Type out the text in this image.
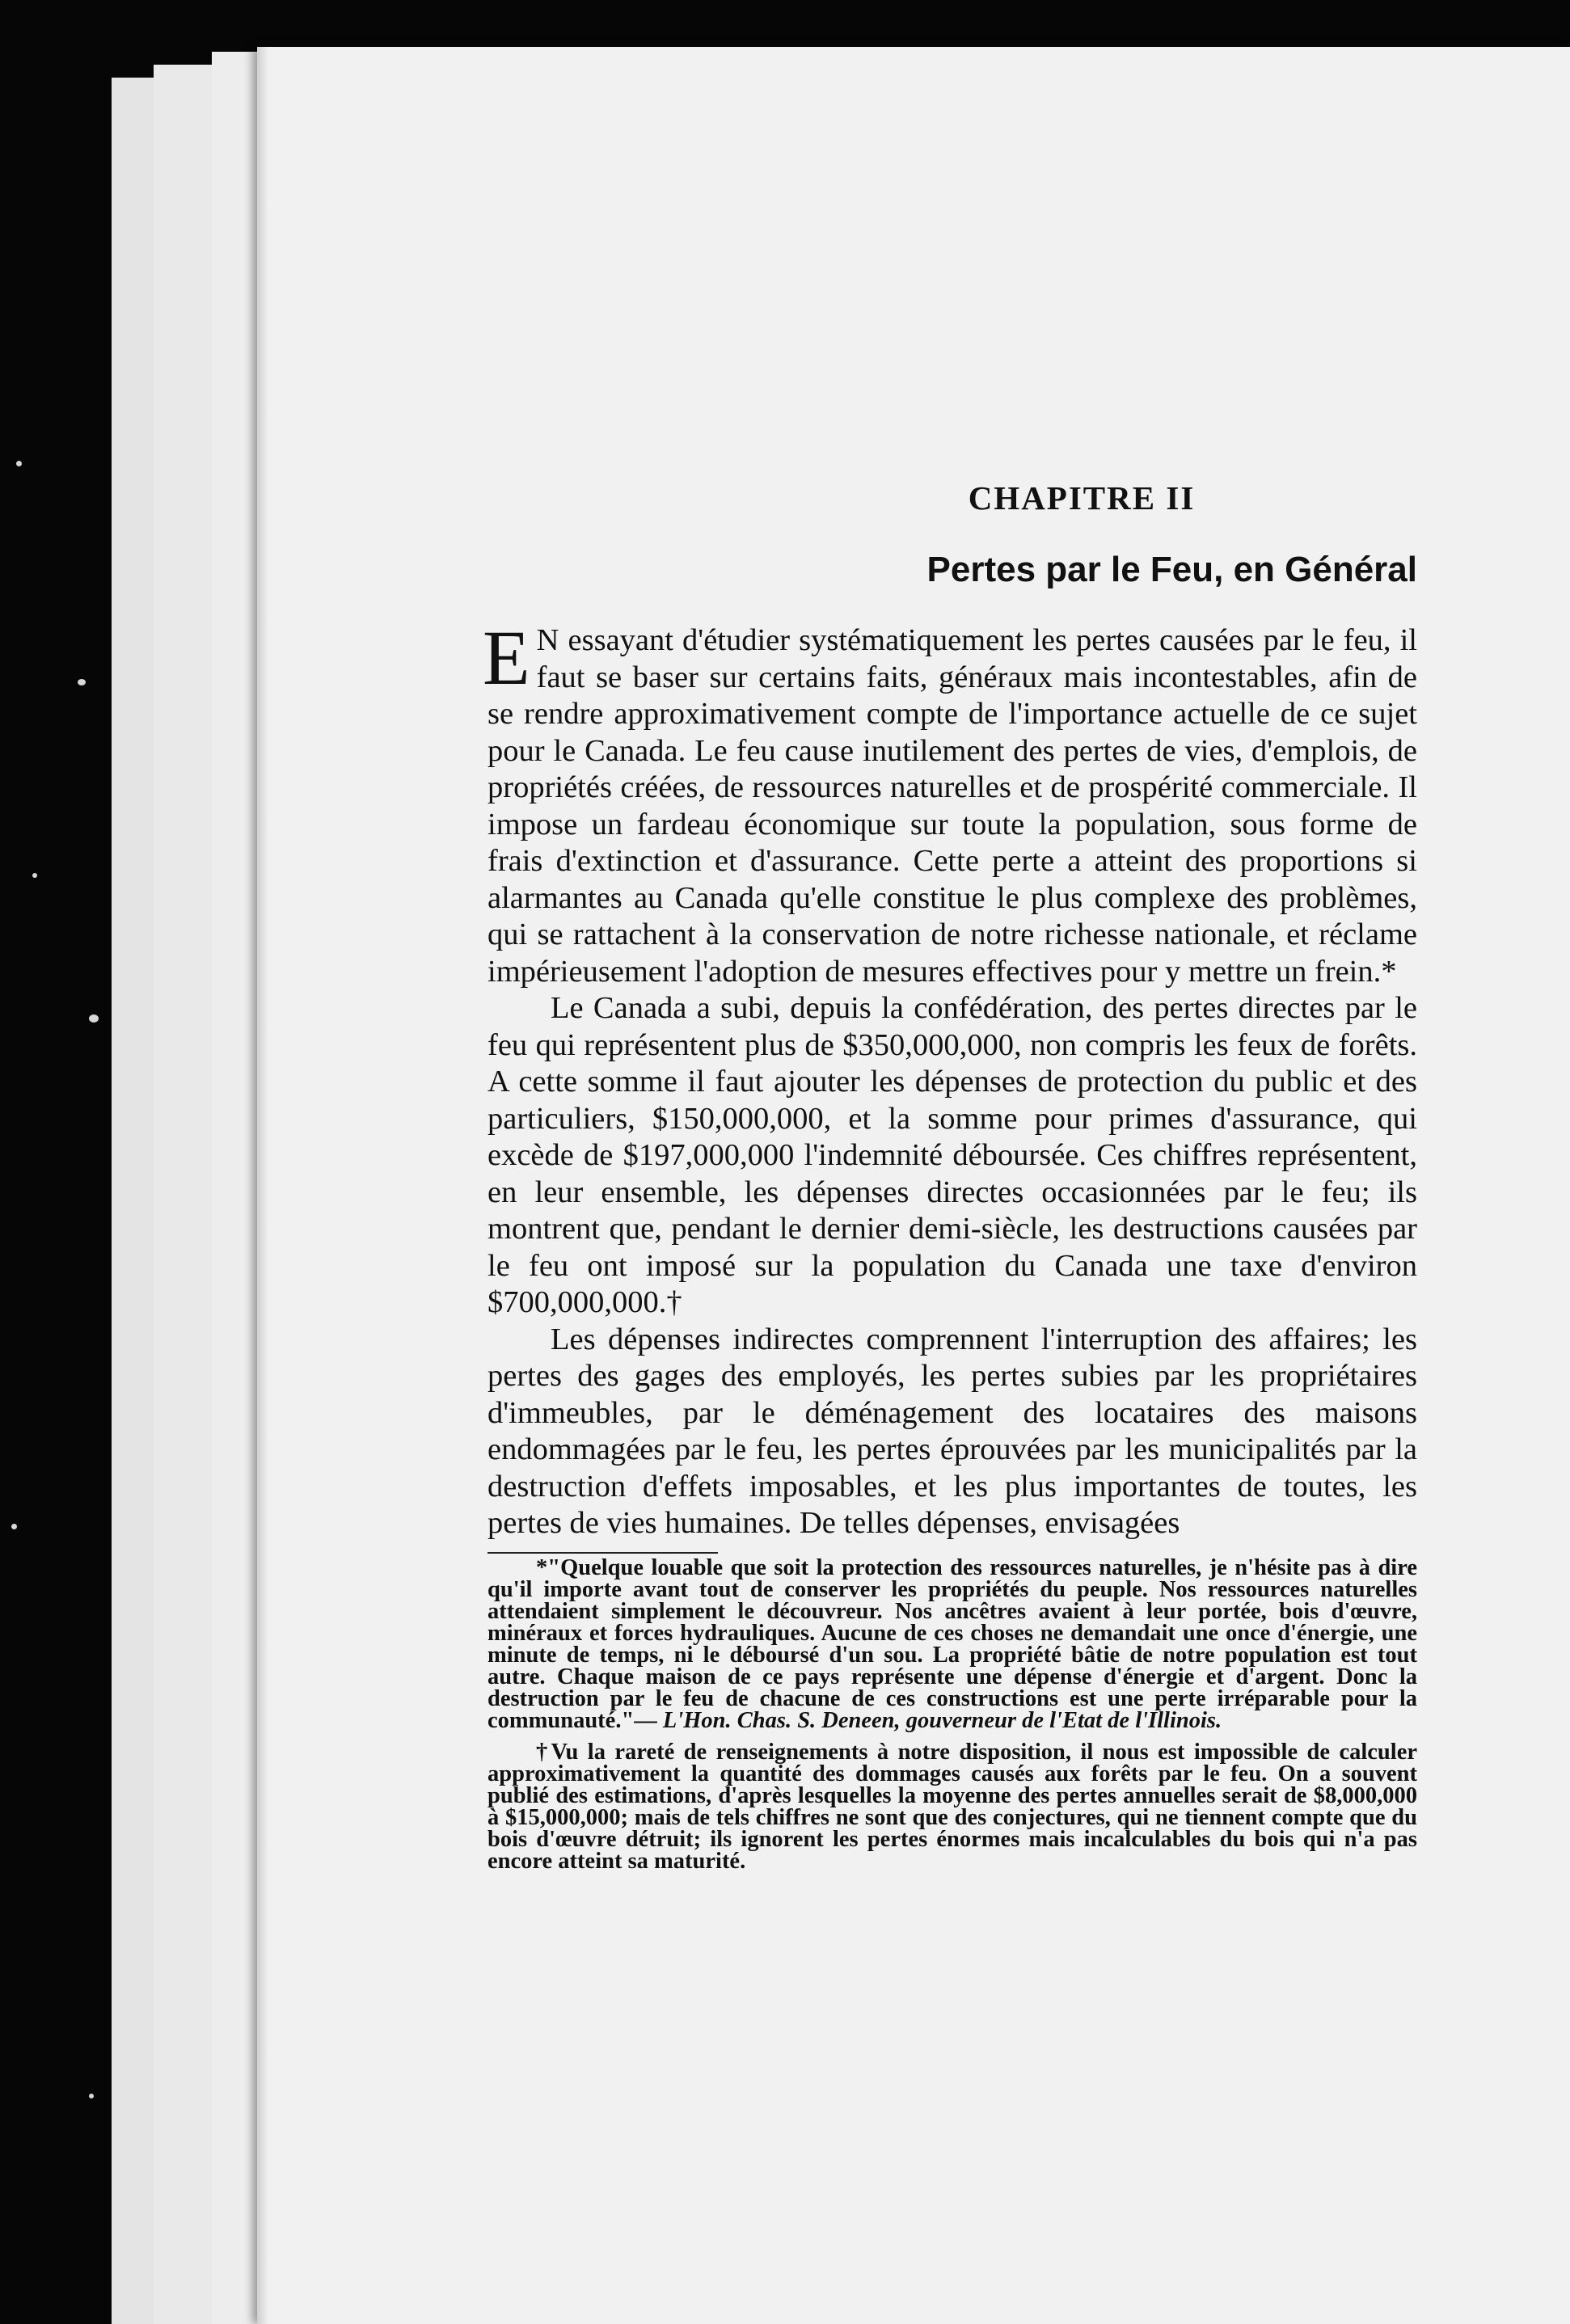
CHAPITRE II
Pertes par le Feu, en Général

E N essayant d'étudier systématiquement les pertes causées par le feu, il faut se baser sur certains faits, généraux mais incontestables, afin de se rendre approximativement compte de l'importance actuelle de ce sujet pour le Canada. Le feu cause inutilement des pertes de vies, d'emplois, de propriétés créées, de ressources naturelles et de prospérité commerciale. Il impose un fardeau économique sur toute la population, sous forme de frais d'extinction et d'assurance. Cette perte a atteint des proportions si alarmantes au Canada qu'elle constitue le plus complexe des problèmes, qui se rattachent à la conservation de notre richesse nationale, et réclame impérieusement l'adoption de mesures effectives pour y mettre un frein.*

Le Canada a subi, depuis la confédération, des pertes directes par le feu qui représentent plus de $350,000,000, non compris les feux de forêts. A cette somme il faut ajouter les dépenses de protection du public et des particuliers, $150,000,000, et la somme pour primes d'assurance, qui excède de $197,000,000 l'indemnité déboursée. Ces chiffres représentent, en leur ensemble, les dépenses directes occasionnées par le feu; ils montrent que, pendant le dernier demi-siècle, les destructions causées par le feu ont imposé sur la population du Canada une taxe d'environ $700,000,000.†

Les dépenses indirectes comprennent l'interruption des affaires; les pertes des gages des employés, les pertes subies par les propriétaires d'immeubles, par le déménagement des locataires des maisons endommagées par le feu, les pertes éprouvées par les municipalités par la destruction d'effets imposables, et les plus importantes de toutes, les pertes de vies humaines. De telles dépenses, envisagées

*"Quelque louable que soit la protection des ressources naturelles, je n'hésite pas à dire qu'il importe avant tout de conserver les propriétés du peuple. Nos ressources naturelles attendaient simplement le découvreur. Nos ancêtres avaient à leur portée, bois d'œuvre, minéraux et forces hydrauliques. Aucune de ces choses ne demandait une once d'énergie, une minute de temps, ni le déboursé d'un sou. La propriété bâtie de notre population est tout autre. Chaque maison de ce pays représente une dépense d'énergie et d'argent. Donc la destruction par le feu de chacune de ces constructions est une perte irréparable pour la communauté."— L'Hon. Chas. S. Deneen, gouverneur de l'Etat de l'Illinois.

†Vu la rareté de renseignements à notre disposition, il nous est impossible de calculer approximativement la quantité des dommages causés aux forêts par le feu. On a souvent publié des estimations, d'après lesquelles la moyenne des pertes annuelles serait de $8,000,000 à $15,000,000; mais de tels chiffres ne sont que des conjectures, qui ne tiennent compte que du bois d'œuvre détruit; ils ignorent les pertes énormes mais incalculables du bois qui n'a pas encore atteint sa maturité.
